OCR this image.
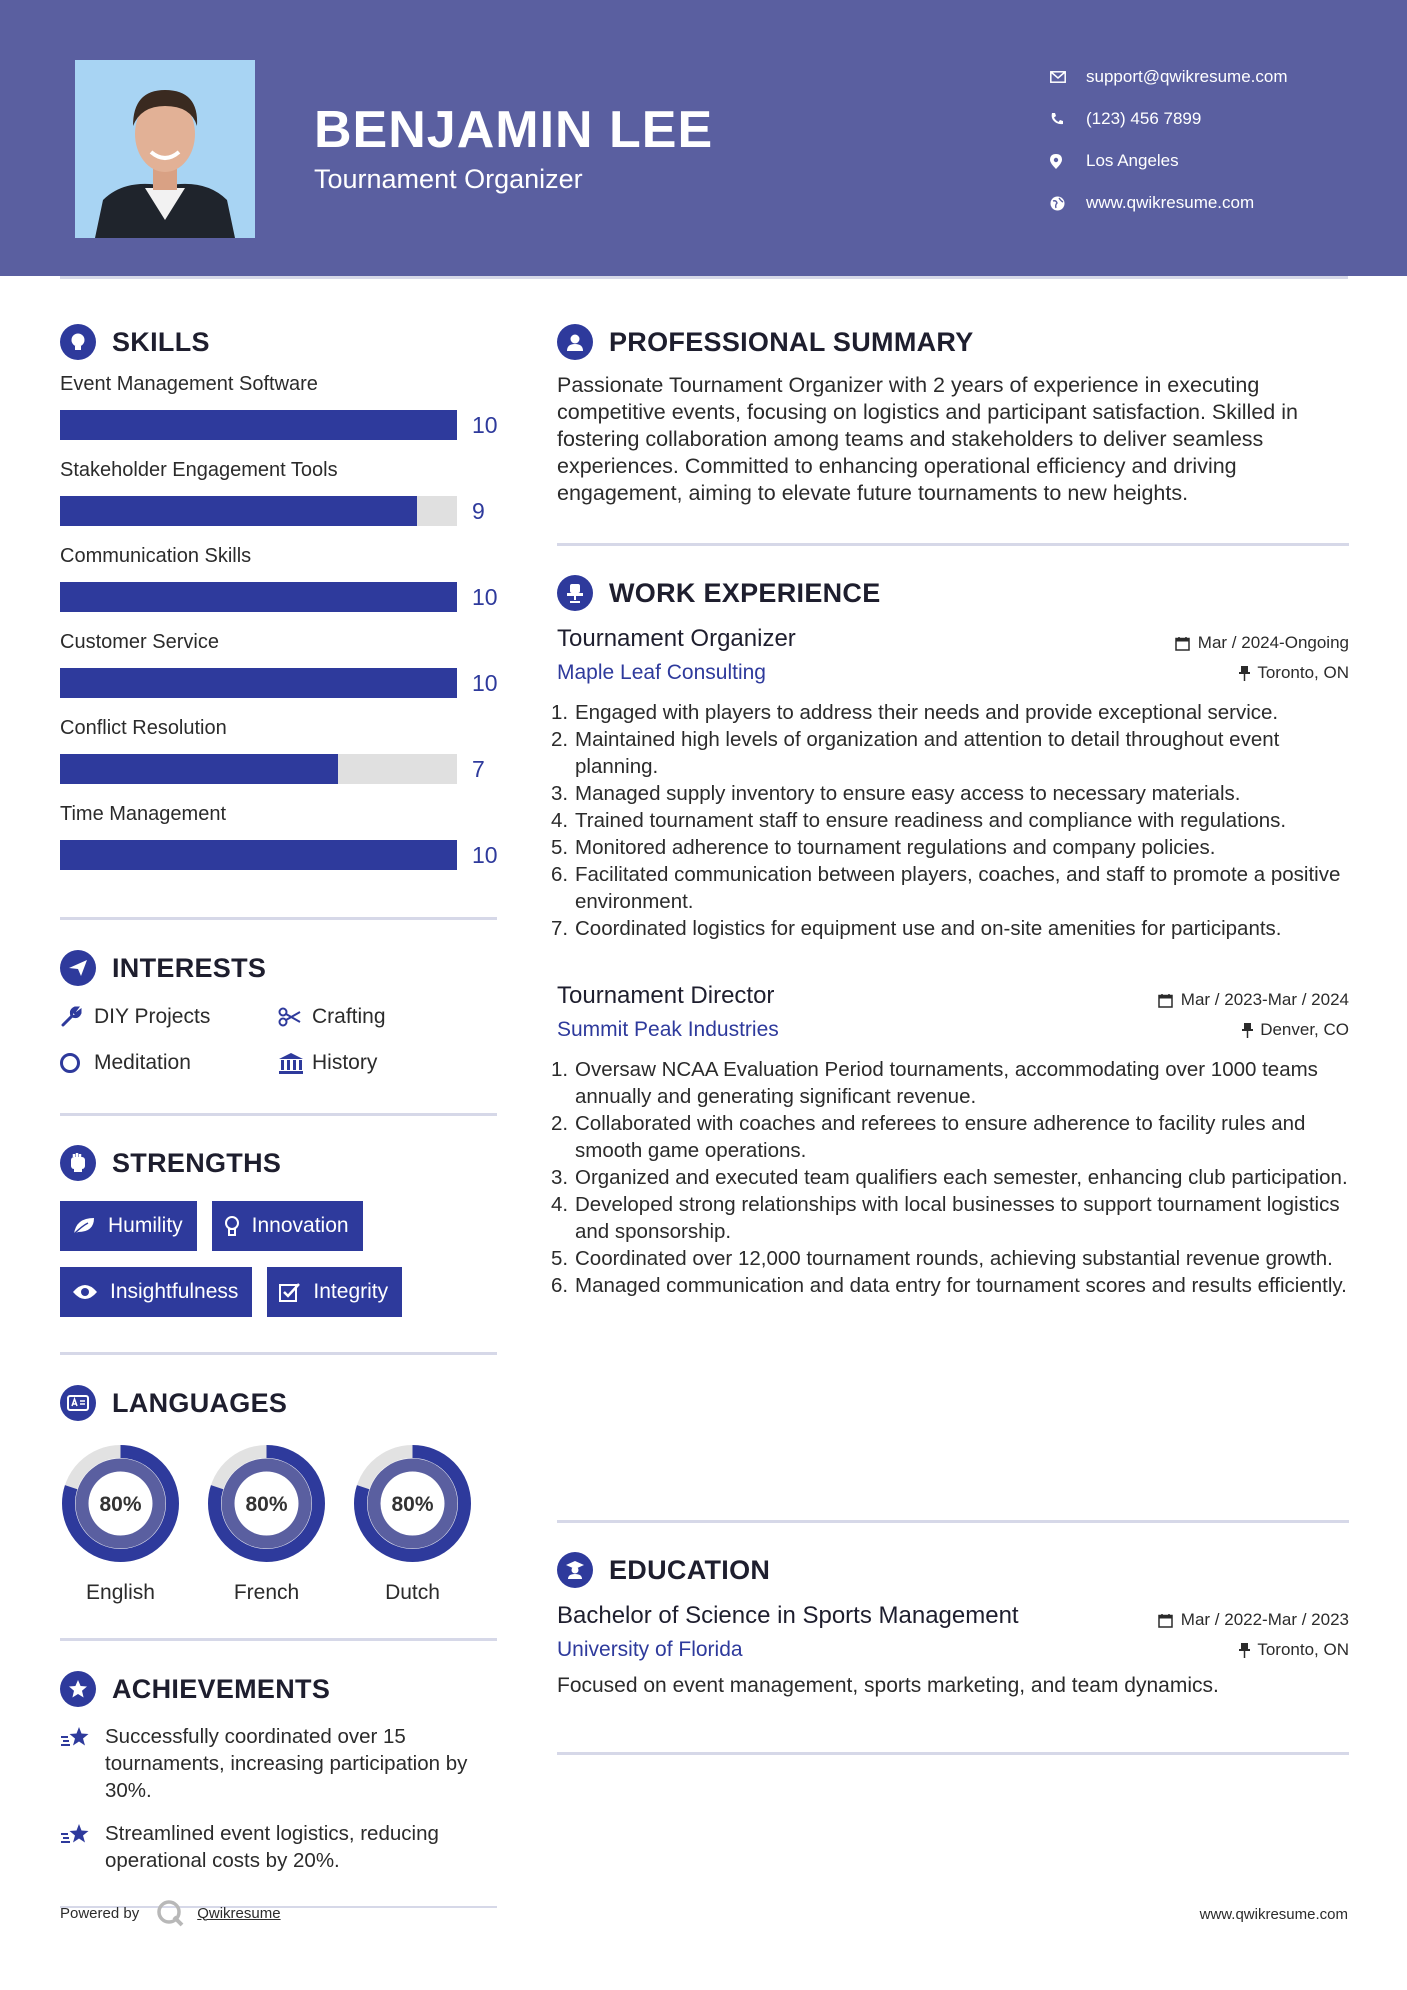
BENJAMIN LEE
Tournament Organizer
support@qwikresume.com
(123) 456 7899
Los Angeles
www.qwikresume.com
SKILLS
Event Management Software
10
Stakeholder Engagement Tools
9
Communication Skills
10
Customer Service
10
Conflict Resolution
7
Time Management
10
INTERESTS
DIY Projects	Crafting
Meditation	History
STRENGTHS
Humility	Innovation
Insightfulness	Integrity
LANGUAGES
80%
English
80%
French
80%
Dutch
ACHIEVEMENTS
Successfully coordinated over 15 tournaments, increasing participation by 30%.
Streamlined event logistics, reducing operational costs by 20%.
PROFESSIONAL SUMMARY

Passionate Tournament Organizer with 2 years of experience in executing competitive events, focusing on logistics and participant satisfaction. Skilled in fostering collaboration among teams and stakeholders to deliver seamless experiences. Committed to enhancing operational efficiency and driving engagement, aiming to elevate future tournaments to new heights.

WORK EXPERIENCE
Tournament Organizer	Mar / 2024-Ongoing
Maple Leaf Consulting	Toronto, ON
1. Engaged with players to address their needs and provide exceptional service.
2. Maintained high levels of organization and attention to detail throughout event planning.
3. Managed supply inventory to ensure easy access to necessary materials.
4. Trained tournament staff to ensure readiness and compliance with regulations.
5. Monitored adherence to tournament regulations and company policies.
6. Facilitated communication between players, coaches, and staff to promote a positive environment.
7. Coordinated logistics for equipment use and on-site amenities for participants.
Tournament Director	Mar / 2023-Mar / 2024
Summit Peak Industries	Denver, CO
1. Oversaw NCAA Evaluation Period tournaments, accommodating over 1000 teams annually and generating significant revenue.
2. Collaborated with coaches and referees to ensure adherence to facility rules and smooth game operations.
3. Organized and executed team qualifiers each semester, enhancing club participation.
4. Developed strong relationships with local businesses to support tournament logistics and sponsorship.
5. Coordinated over 12,000 tournament rounds, achieving substantial revenue growth.
6. Managed communication and data entry for tournament scores and results efficiently.
EDUCATION
Bachelor of Science in Sports Management	Mar / 2022-Mar / 2023
University of Florida	Toronto, ON

Focused on event management, sports marketing, and team dynamics.

Powered by	Qwikresume	www.qwikresume.com
